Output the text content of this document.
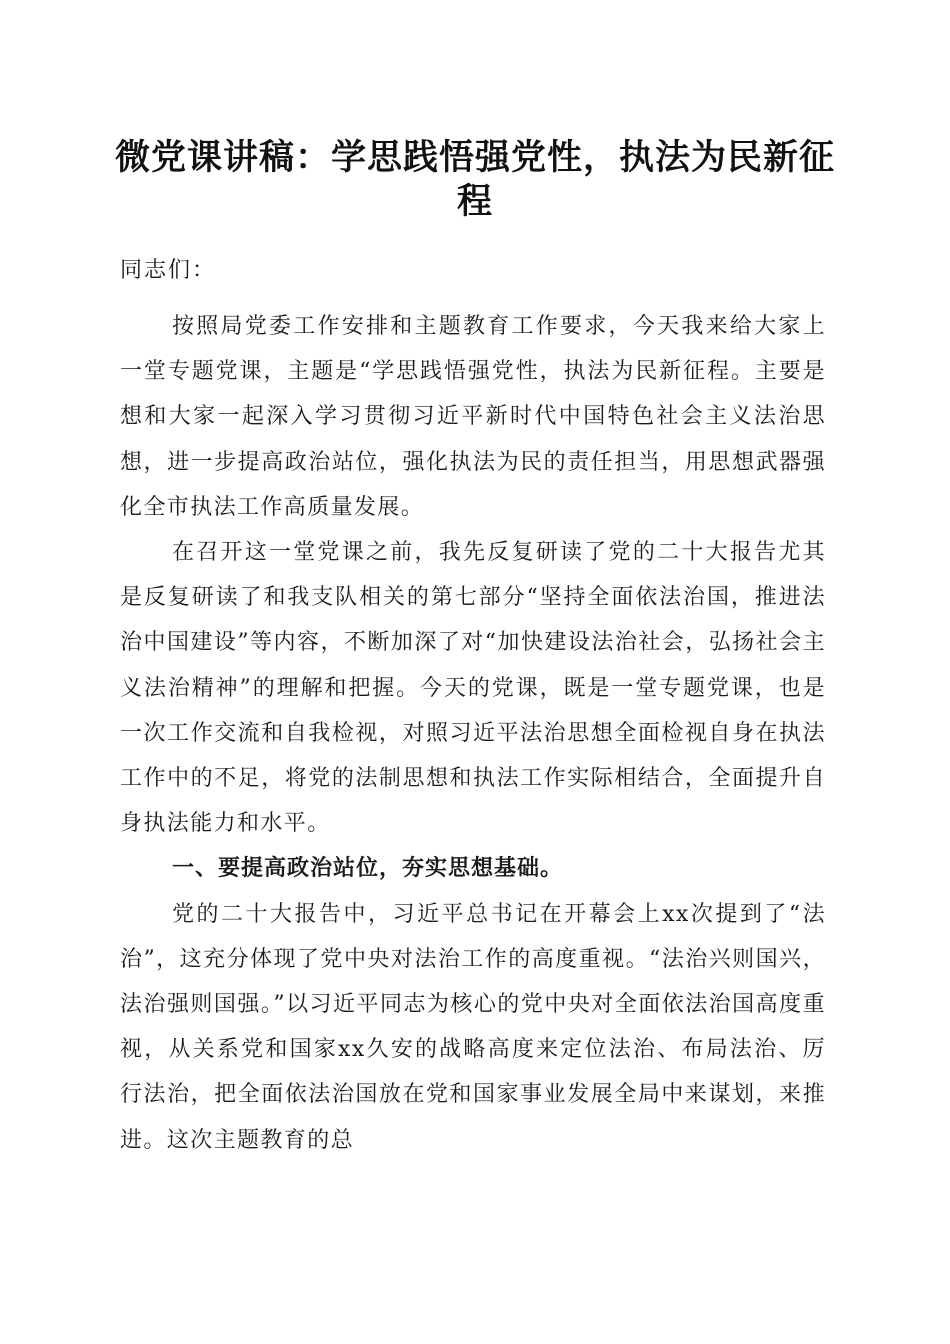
微党课讲稿：学思践悟强党性，执法为民新征程
同志们：

按照局党委工作安排和主题教育工作要求，今天我来给大家上一堂专题党课，主题是“学思践悟强党性，执法为民新征程。主要是想和大家一起深入学习贯彻习近平新时代中国特色社会主义法治思想，进一步提高政治站位，强化执法为民的责任担当，用思想武器强化全市执法工作高质量发展。

在召开这一堂党课之前，我先反复研读了党的二十大报告尤其是反复研读了和我支队相关的第七部分“坚持全面依法治国，推进法治中国建设”等内容，不断加深了对“加快建设法治社会，弘扬社会主义法治精神”的理解和把握。今天的党课，既是一堂专题党课，也是一次工作交流和自我检视，对照习近平法治思想全面检视自身在执法工作中的不足，将党的法制思想和执法工作实际相结合，全面提升自身执法能力和水平。

一、要提高政治站位，夯实思想基础。

党的二十大报告中，习近平总书记在开幕会上xx次提到了“法治”，这充分体现了党中央对法治工作的高度重视。“法治兴则国兴，法治强则国强。”以习近平同志为核心的党中央对全面依法治国高度重视，从关系党和国家xx久安的战略高度来定位法治、布局法治、厉行法治，把全面依法治国放在党和国家事业发展全局中来谋划，来推进。这次主题教育的总
